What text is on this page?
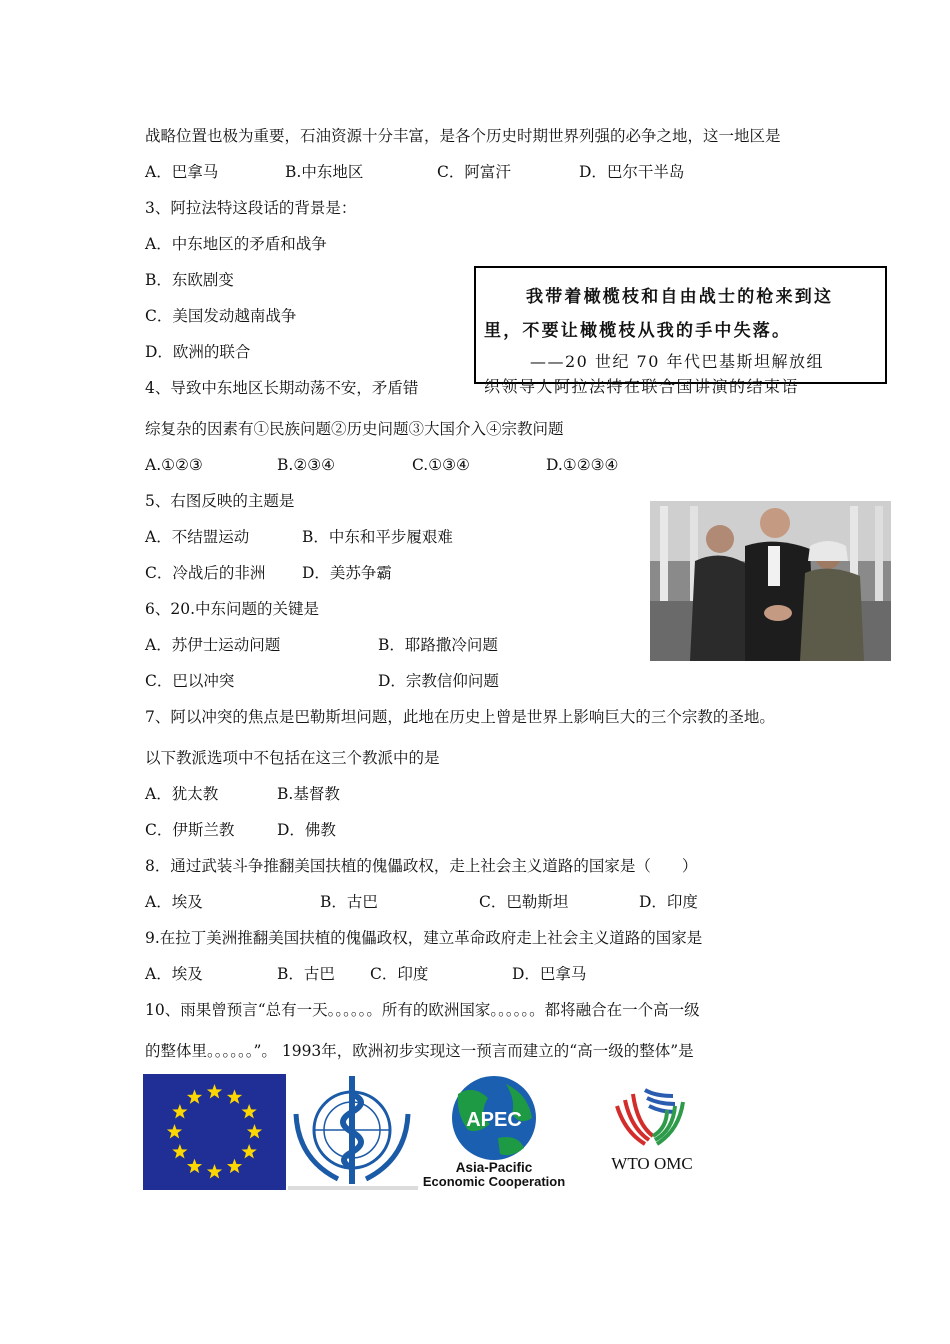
战略位置也极为重要，石油资源十分丰富，是各个历史时期世界列强的必争之地，这一地区是
A．巴拿马	B.中东地区	C．阿富汗	D．巴尔干半岛
3、阿拉法特这段话的背景是：
A．中东地区的矛盾和战争
B．东欧剧变
C．美国发动越南战争
D．欧洲的联合
我带着橄榄枝和自由战士的枪来到这
里，不要让橄榄枝从我的手中失落。
——20 世纪 70 年代巴基斯坦解放组
织领导人阿拉法特在联合国讲演的结束语
4、导致中东地区长期动荡不安，矛盾错
综复杂的因素有①民族问题②历史问题③大国介入④宗教问题
A.①②③	B.②③④	C.①③④	D.①②③④
5、右图反映的主题是
A．不结盟运动	B．中东和平步履艰难
C．冷战后的非洲 D．美苏争霸
6、20.中东问题的关键是
A．苏伊士运动问题	B．耶路撒冷问题
C．巴以冲突	D．宗教信仰问题
7、阿以冲突的焦点是巴勒斯坦问题，此地在历史上曾是世界上影响巨大的三个宗教的圣地。
以下教派选项中不包括在这三个教派中的是
A．犹太教	B.基督教
C．伊斯兰教	D．佛教
8．通过武装斗争推翻美国扶植的傀儡政权，走上社会主义道路的国家是（　　）
A．埃及	B．古巴	C．巴勒斯坦	D．印度
9.在拉丁美洲推翻美国扶植的傀儡政权，建立革命政府走上社会主义道路的国家是
A．埃及	B．古巴 C．印度	D．巴拿马
10、雨果曾预言“总有一天。。。。。。所有的欧洲国家。。。。。。都将融合在一个高一级
的整体里。。。。。。”。 1993年，欧洲初步实现这一预言而建立的“高一级的整体”是
APEC
Asia-Pacific
Economic Cooperation
WTO OMC
